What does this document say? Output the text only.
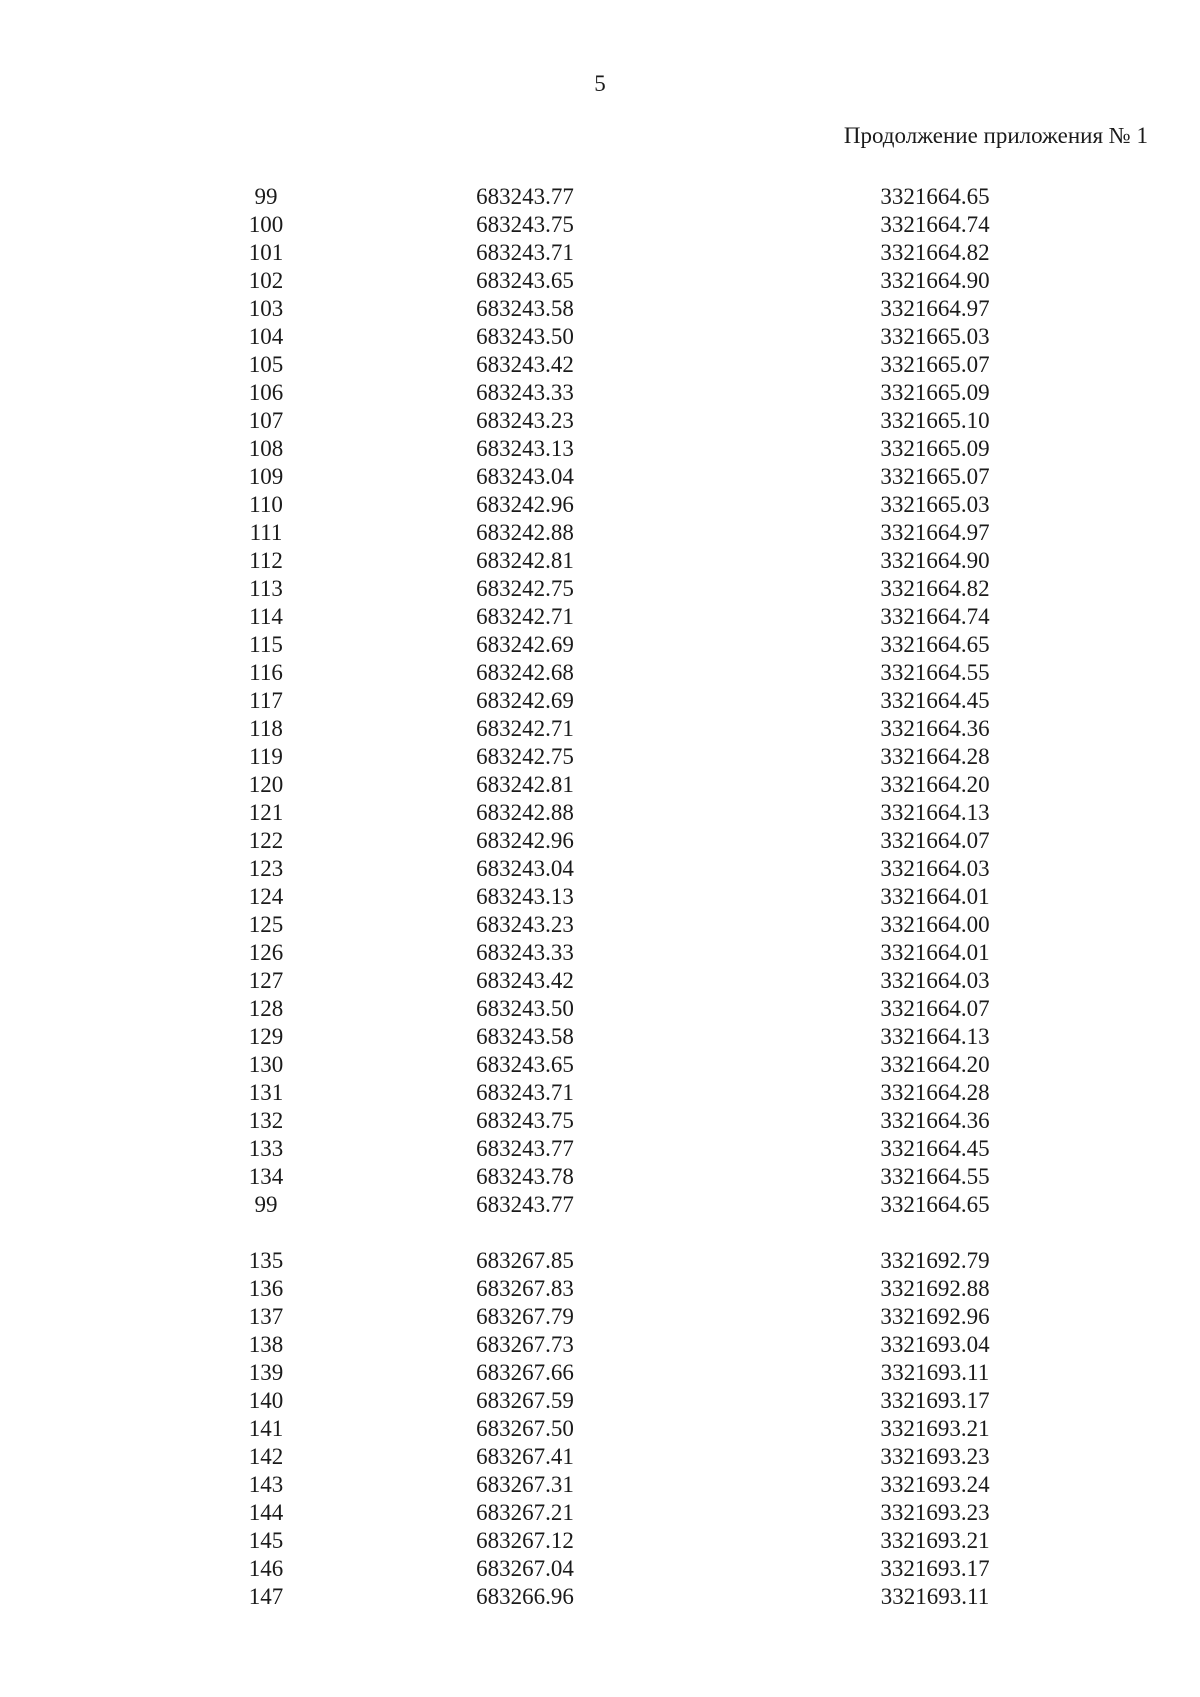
5
Продолжение приложения № 1
99	683243.77	3321664.65
100	683243.75	3321664.74
101	683243.71	3321664.82
102	683243.65	3321664.90
103	683243.58	3321664.97
104	683243.50	3321665.03
105	683243.42	3321665.07
106	683243.33	3321665.09
107	683243.23	3321665.10
108	683243.13	3321665.09
109	683243.04	3321665.07
110	683242.96	3321665.03
111	683242.88	3321664.97
112	683242.81	3321664.90
113	683242.75	3321664.82
114	683242.71	3321664.74
115	683242.69	3321664.65
116	683242.68	3321664.55
117	683242.69	3321664.45
118	683242.71	3321664.36
119	683242.75	3321664.28
120	683242.81	3321664.20
121	683242.88	3321664.13
122	683242.96	3321664.07
123	683243.04	3321664.03
124	683243.13	3321664.01
125	683243.23	3321664.00
126	683243.33	3321664.01
127	683243.42	3321664.03
128	683243.50	3321664.07
129	683243.58	3321664.13
130	683243.65	3321664.20
131	683243.71	3321664.28
132	683243.75	3321664.36
133	683243.77	3321664.45
134	683243.78	3321664.55
99	683243.77	3321664.65
135	683267.85	3321692.79
136	683267.83	3321692.88
137	683267.79	3321692.96
138	683267.73	3321693.04
139	683267.66	3321693.11
140	683267.59	3321693.17
141	683267.50	3321693.21
142	683267.41	3321693.23
143	683267.31	3321693.24
144	683267.21	3321693.23
145	683267.12	3321693.21
146	683267.04	3321693.17
147	683266.96	3321693.11
